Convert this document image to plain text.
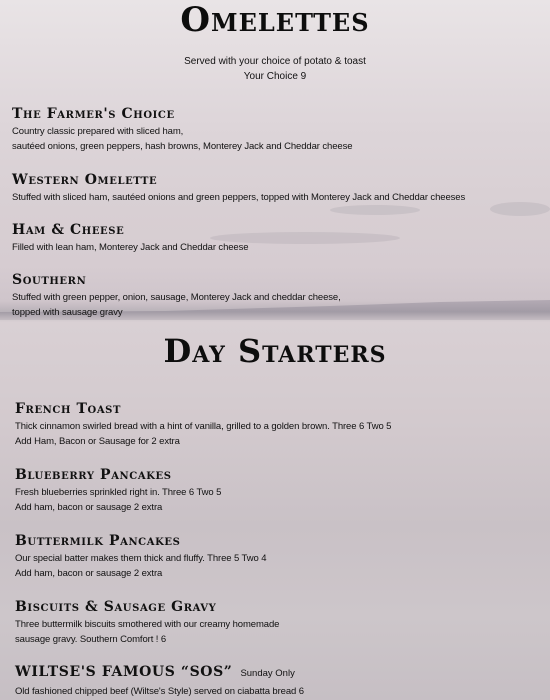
Omelettes
Served with your choice of potato & toast
Your Choice 9
The Farmer's Choice

Country classic prepared with sliced ham,

sautéed onions, green peppers, hash browns, Monterey Jack and Cheddar cheese

Western Omelette

Stuffed with sliced ham, sautéed onions and green peppers, topped with Monterey Jack and Cheddar cheeses

Ham & Cheese

Filled with lean ham, Monterey Jack and Cheddar cheese

Southern

Stuffed with green pepper, onion, sausage, Monterey Jack and cheddar cheese,

topped with sausage gravy

Day Starters
French Toast

Thick cinnamon swirled bread with a hint of vanilla, grilled to a golden brown. Three 6 Two 5

Add Ham, Bacon or Sausage for 2 extra

Blueberry Pancakes

Fresh blueberries sprinkled right in. Three 6 Two 5

Add ham, bacon or sausage 2 extra

Buttermilk Pancakes

Our special batter makes them thick and fluffy. Three 5 Two 4

Add ham, bacon or sausage 2 extra

Biscuits & Sausage Gravy

Three buttermilk biscuits smothered with our creamy homemade

sausage gravy. Southern Comfort ! 6

WILTSE'S FAMOUS “SOS” Sunday Only

Old fashioned chipped beef (Wiltse's Style) served on ciabatta bread 6
